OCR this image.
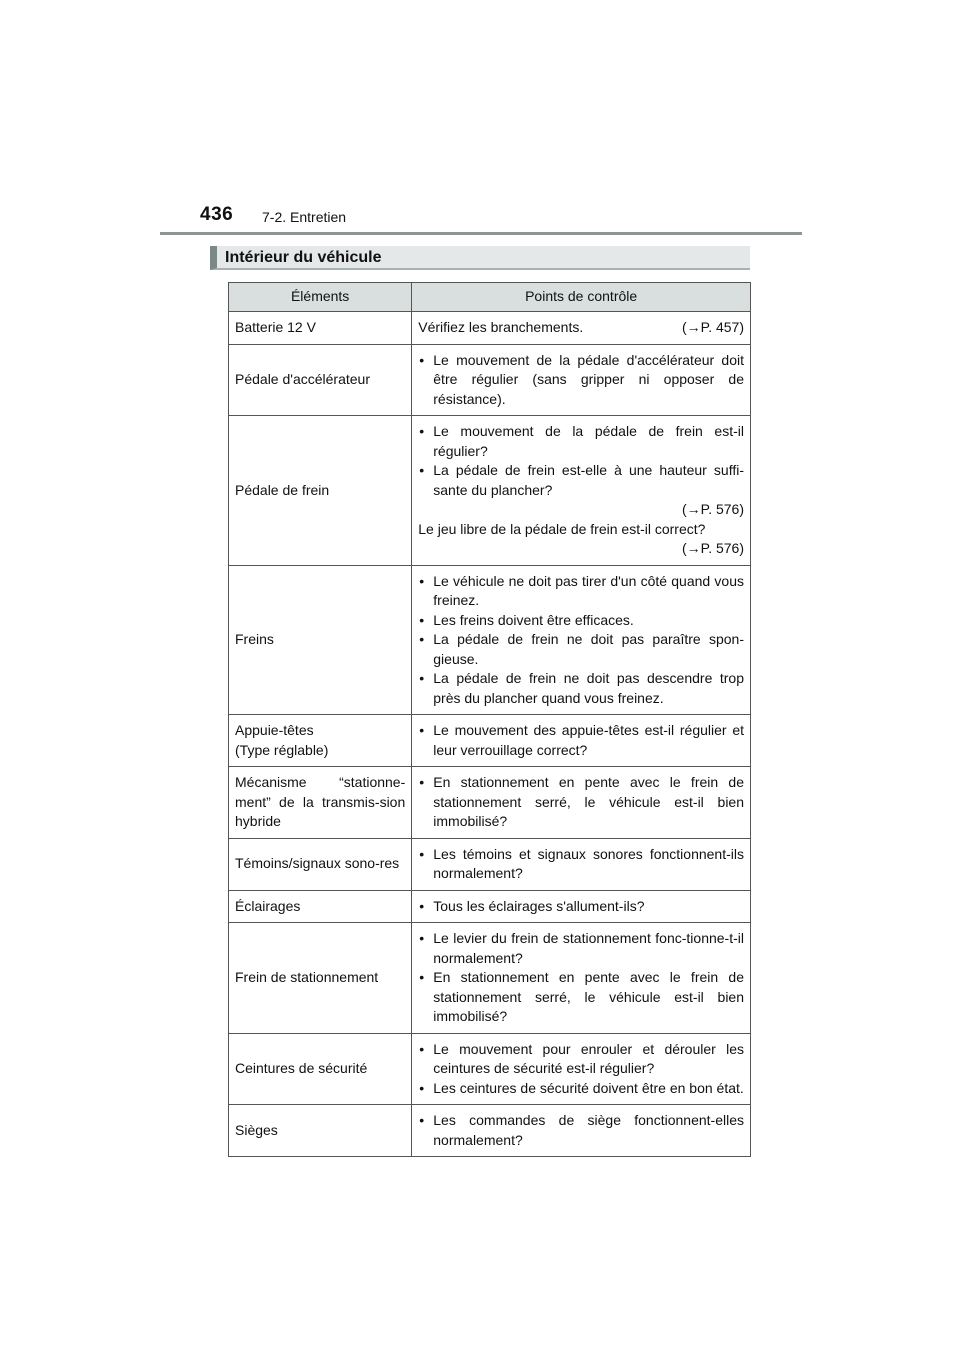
436 7-2. Entretien
Intérieur du véhicule
Éléments	Points de contrôle
Batterie 12 V	Vérifiez les branchements. (→P. 457)

Pédale d'accélérateur	• Le mouvement de la pédale d'accélérateur doit être régulier (sans gripper ni opposer de résistance).

Pédale de frein	• Le mouvement de la pédale de frein est-il régulier?
• La pédale de frein est-elle à une hauteur suffi-sante du plancher?
(→P. 576)
Le jeu libre de la pédale de frein est-il correct?
(→P. 576)

Freins	• Le véhicule ne doit pas tirer d'un côté quand vous freinez.
• Les freins doivent être efficaces.
• La pédale de frein ne doit pas paraître spon-gieuse.
• La pédale de frein ne doit pas descendre trop près du plancher quand vous freinez.

Appuie-têtes
(Type réglable)	• Le mouvement des appuie-têtes est-il régulier et leur verrouillage correct?

Mécanisme “stationne-ment” de la transmis-sion hybride	• En stationnement en pente avec le frein de stationnement serré, le véhicule est-il bien immobilisé?

Témoins/signaux sono-res	• Les témoins et signaux sonores fonctionnent-ils normalement?

Éclairages	• Tous les éclairages s'allument-ils?

Frein de stationnement	• Le levier du frein de stationnement fonc-tionne-t-il normalement?
• En stationnement en pente avec le frein de stationnement serré, le véhicule est-il bien immobilisé?

Ceintures de sécurité	• Le mouvement pour enrouler et dérouler les ceintures de sécurité est-il régulier?
• Les ceintures de sécurité doivent être en bon état.

Sièges	• Les commandes de siège fonctionnent-elles normalement?
